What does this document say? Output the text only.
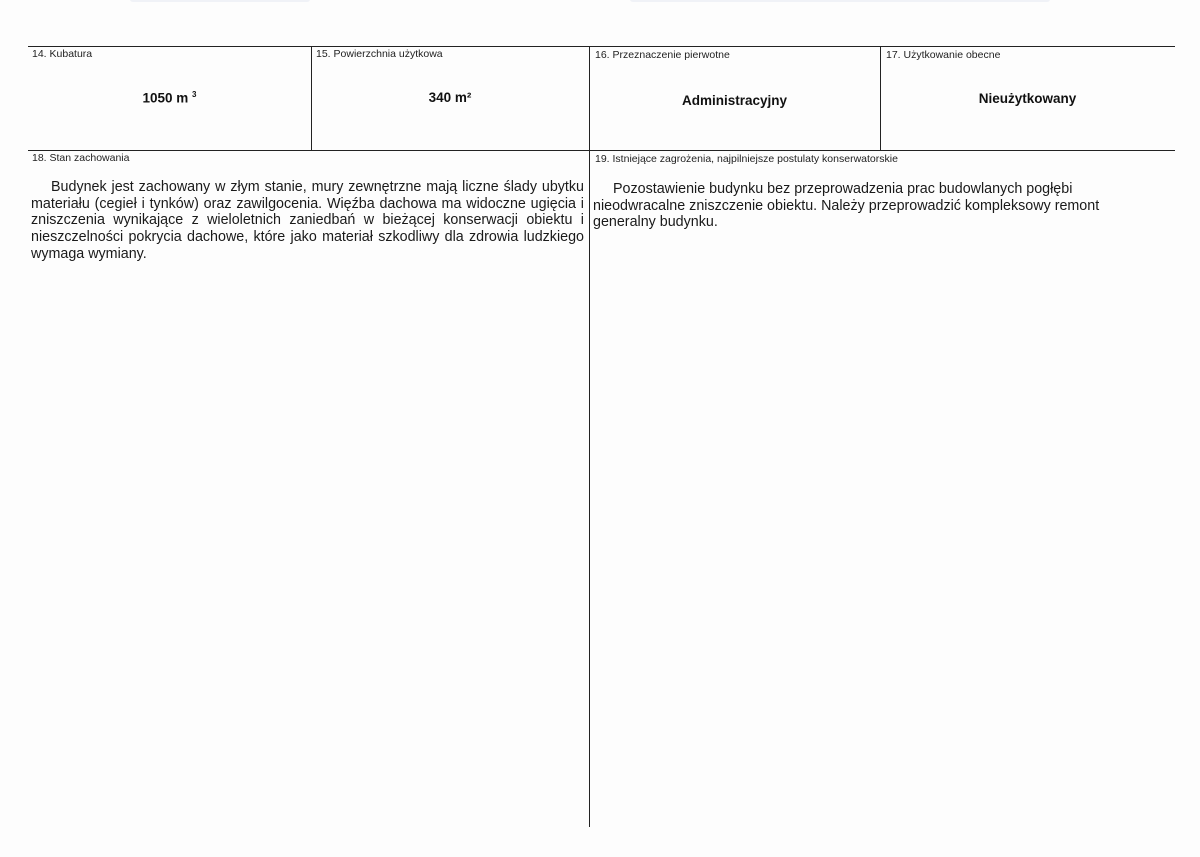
14. Kubatura
1050 m $^3$
15. Powierzchnia użytkowa
340 m²
16. Przeznaczenie pierwotne
Administracyjny
17. Użytkowanie obecne
Nieużytkowany
18. Stan zachowania
Budynek jest zachowany w złym stanie, mury zewnętrzne mają liczne ślady ubytku materiału (cegieł i tynków) oraz zawilgocenia. Więźba dachowa ma widoczne ugięcia i zniszczenia wynikające z wieloletnich zaniedbań w bieżącej konserwacji obiektu i nieszczelności pokrycia dachowe, które jako materiał szkodliwy dla zdrowia ludzkiego wymaga wymiany.
19. Istniejące zagrożenia, najpilniejsze postulaty konserwatorskie
Pozostawienie budynku bez przeprowadzenia prac budowlanych pogłębi nieodwracalne zniszczenie obiektu. Należy przeprowadzić kompleksowy remont generalny budynku.
